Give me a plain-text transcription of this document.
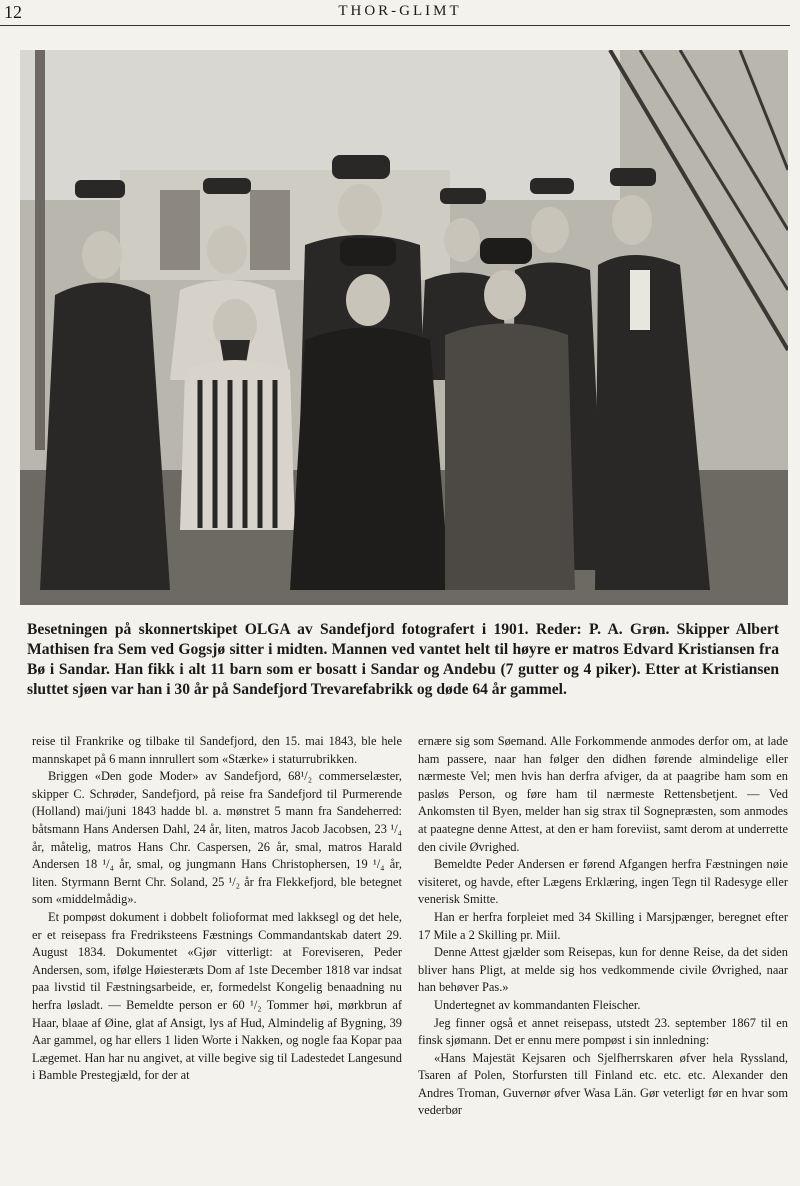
12	THOR-GLIMT
Besetningen på skonnertskipet OLGA av Sandefjord fotografert i 1901. Reder: P. A. Grøn. Skipper Albert Mathisen fra Sem ved Gogsjø sitter i midten. Mannen ved vantet helt til høyre er matros Edvard Kristiansen fra Bø i Sandar. Han fikk i alt 11 barn som er bosatt i Sandar og Andebu (7 gutter og 4 piker). Etter at Kristiansen sluttet sjøen var han i 30 år på Sandefjord Trevarefabrikk og døde 64 år gammel.

reise til Frankrike og tilbake til Sandefjord, den 15. mai 1843, ble hele mannskapet på 6 mann innrullert som «Stærke» i staturrubrikken.

Briggen «Den gode Moder» av Sandefjord, 68¹/₂ commerselæster, skipper C. Schrøder, Sandefjord, på reise fra Sandefjord til Purmerende (Holland) mai/juni 1843 hadde bl. a. mønstret 5 mann fra Sandeherred: båtsmann Hans Andersen Dahl, 24 år, liten, matros Jacob Jacobsen, 23 ¹/₄ år, måtelig, matros Hans Chr. Caspersen, 26 år, smal, matros Harald Andersen 18 ¹/₄ år, smal, og jungmann Hans Christophersen, 19 ¹/₄ år, liten. Styrmann Bernt Chr. Soland, 25 ¹/₂ år fra Flekkefjord, ble betegnet som «middelmådig».

Et pompøst dokument i dobbelt folioformat med lakksegl og det hele, er et reisepass fra Fredriksteens Fæstnings Commandantskab datert 29. August 1834. Dokumentet «Gjør vitterligt: at Foreviseren, Peder Andersen, som, ifølge Høiesteræts Dom af 1ste December 1818 var indsat paa livstid til Fæstningsarbeide, er, formedelst Kongelig benaadning nu herfra løsladt. — Bemeldte person er 60 ¹/₂ Tommer høi, mørkbrun af Haar, blaae af Øine, glat af Ansigt, lys af Hud, Almindelig af Bygning, 39 Aar gammel, og har ellers 1 liden Worte i Nakken, og nogle faa Kopar paa Lægemet. Han har nu angivet, at ville begive sig til Ladestedet Langesund i Bamble Prestegjæld, for der at

ernære sig som Søemand. Alle Forkommende anmodes derfor om, at lade ham passere, naar han følger den didhen førende almindelige eller nærmeste Vel; men hvis han derfra afviger, da at paagribe ham som en pasløs Person, og føre ham til nærmeste Rettensbetjent. — Ved Ankomsten til Byen, melder han sig strax til Sognepræsten, som anmodes at paategne denne Attest, at den er ham foreviist, samt derom at underrette den civile Øvrighed.

Bemeldte Peder Andersen er førend Afgangen herfra Fæstningen nøie visiteret, og havde, efter Lægens Erklæring, ingen Tegn til Radesyge eller venerisk Smitte.

Han er herfra forpleiet med 34 Skilling i Marsjpænger, beregnet efter 17 Mile a 2 Skilling pr. Miil.

Denne Attest gjælder som Reisepas, kun for denne Reise, da det siden bliver hans Pligt, at melde sig hos vedkommende civile Øvrighed, naar han behøver Pas.»

Undertegnet av kommandanten Fleischer.

Jeg finner også et annet reisepass, utstedt 23. september 1867 til en finsk sjømann. Det er ennu mere pompøst i sin innledning:

«Hans Majestät Kejsaren och Sjelfherrskaren øfver hela Ryssland, Tsaren af Polen, Storfursten till Finland etc. etc. etc. Alexander den Andres Troman, Guvernør øfver Wasa Län. Gør veterligt før en hvar som vederbør
